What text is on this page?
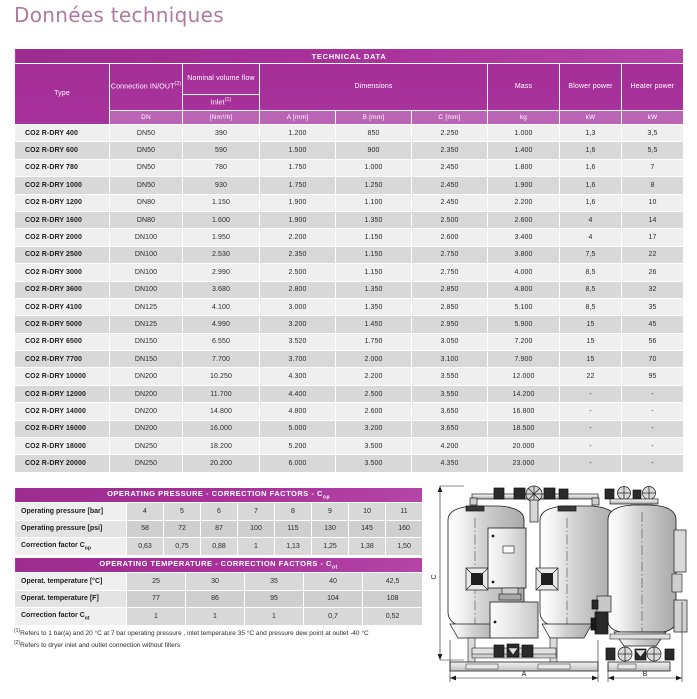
Données techniques
TECHNICAL DATA								
Type	Connection IN/OUT$^{(2)}$	Nominal volume flow	Dimensions			Mass	Blower power	Heater power
		Inlet$^{(1)}$
	DN	[Nm³/h]	A [mm]	B [mm]	C [mm]	kg	kW	kW
CO2 R-DRY 400	DN50	390	1.200	850	2.250	1.000	1,3	3,5
CO2 R-DRY 600	DN50	590	1.500	900	2.350	1.400	1,6	5,5
CO2 R-DRY 780	DN50	780	1.750	1.000	2.450	1.800	1,6	7
CO2 R-DRY 1000	DN50	930	1.750	1.250	2.450	1.900	1,6	8
CO2 R-DRY 1200	DN80	1.150	1.900	1.100	2.450	2.200	1,6	10
CO2 R-DRY 1600	DN80	1.600	1.900	1.350	2.500	2.600	4	14
CO2 R-DRY 2000	DN100	1.950	2.200	1.150	2.600	3.400	4	17
CO2 R-DRY 2500	DN100	2.530	2.350	1.150	2.750	3.800	7,5	22
CO2 R-DRY 3000	DN100	2.990	2.500	1.150	2.750	4.000	8,5	26
CO2 R-DRY 3600	DN100	3.680	2.800	1.350	2.850	4.800	8,5	32
CO2 R-DRY 4100	DN125	4.100	3.000	1.350	2.850	5.100	8,5	35
CO2 R-DRY 5000	DN125	4.990	3.200	1.450	2.950	5.900	15	45
CO2 R-DRY 6500	DN150	6.550	3.520	1.750	3.050	7.200	15	56
CO2 R-DRY 7700	DN150	7.700	3.700	2.000	3.100	7.900	15	70
CO2 R-DRY 10000	DN200	10.250	4.300	2.200	3.550	12.000	22	95
CO2 R-DRY 12000	DN200	11.700	4.400	2.500	3.550	14.200	-	-
CO2 R-DRY 14000	DN200	14.800	4.800	2.600	3.650	16.800	-	-
CO2 R-DRY 16000	DN200	16.000	5.000	3.200	3.650	18.500	-	-
CO2 R-DRY 18000	DN250	18.200	5.200	3.500	4.200	20.000	-	-
CO2 R-DRY 20000	DN250	20.200	6.000	3.500	4.350	23.000	-	-
OPERATING PRESSURE - CORRECTION FACTORS - $C_{op}$
Operating pressure [bar]	4	5	6	7	8	9	10	11
Operating pressure [psi]	58	72	87	100	115	130	145	160
Correction factor $C_{op}$	0,63	0,75	0,88	1	1,13	1,25	1,38	1,50
OPERATING TEMPERATURE - CORRECTION FACTORS - $C_{ot}$
Operat. temperature [°C]	25	30	35	40	42,5
Operat. temperature [F]	77	86	95	104	108
Correction factor $C_{ot}$	1	1	1	0,7	0,52
$^{(1)}$Refers to 1 bar(a) and 20 °C at 7 bar operating pressure , inlet temperature 35 °C and pressure dew point at outlet -40 °C
$^{(2)}$Refers to dryer inlet and outlet connection without filters
C
A	B
